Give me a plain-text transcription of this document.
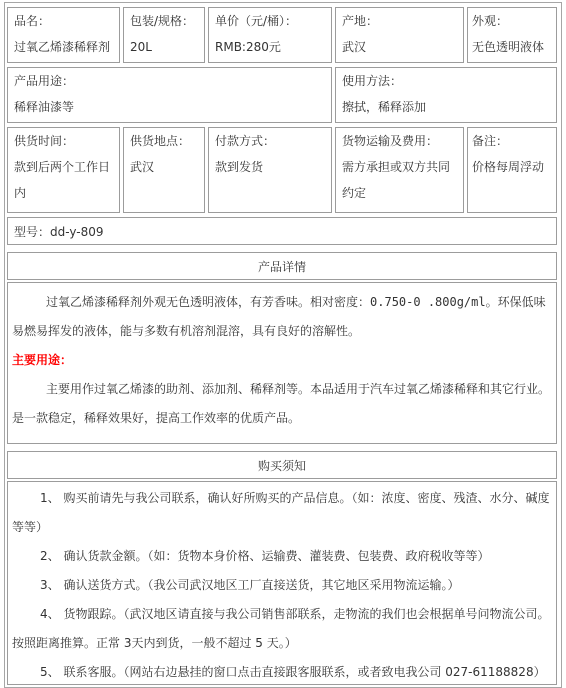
品名：
过氧乙烯漆稀释剂
包装/规格：
20L
单价（元/桶）：
RMB:280元
产地：
武汉
外观：
无色透明液体
产品用途：
稀释油漆等
使用方法：
擦拭，稀释添加
供货时间：
款到后两个工作日内
供货地点：
武汉
付款方式：
款到发货
货物运输及费用：
需方承担或双方共同约定
备注：
价格每周浮动
型号：dd-y-809
产品详情
过氧乙烯漆稀释剂外观无色透明液体，有芳香味。相对密度：0.750-0 .800g/ml。环保低味易燃易挥发的液体，能与多数有机溶剂混溶，具有良好的溶解性。
主要用途：
主要用作过氧乙烯漆的助剂、添加剂、稀释剂等。本品适用于汽车过氧乙烯漆稀释和其它行业。是一款稳定，稀释效果好，提高工作效率的优质产品。
购买须知
1、 购买前请先与我公司联系，确认好所购买的产品信息。（如：浓度、密度、残渣、水分、碱度等等）
2、 确认货款金额。（如：货物本身价格、运输费、灌装费、包装费、政府税收等等）
3、 确认送货方式。（我公司武汉地区工厂直接送货，其它地区采用物流运输。）
4、 货物跟踪。（武汉地区请直接与我公司销售部联系，走物流的我们也会根据单号问物流公司。按照距离推算。正常 3天内到货，一般不超过 5 天。）
5、 联系客服。（网站右边悬挂的窗口点击直接跟客服联系，或者致电我公司 027-61188828）
